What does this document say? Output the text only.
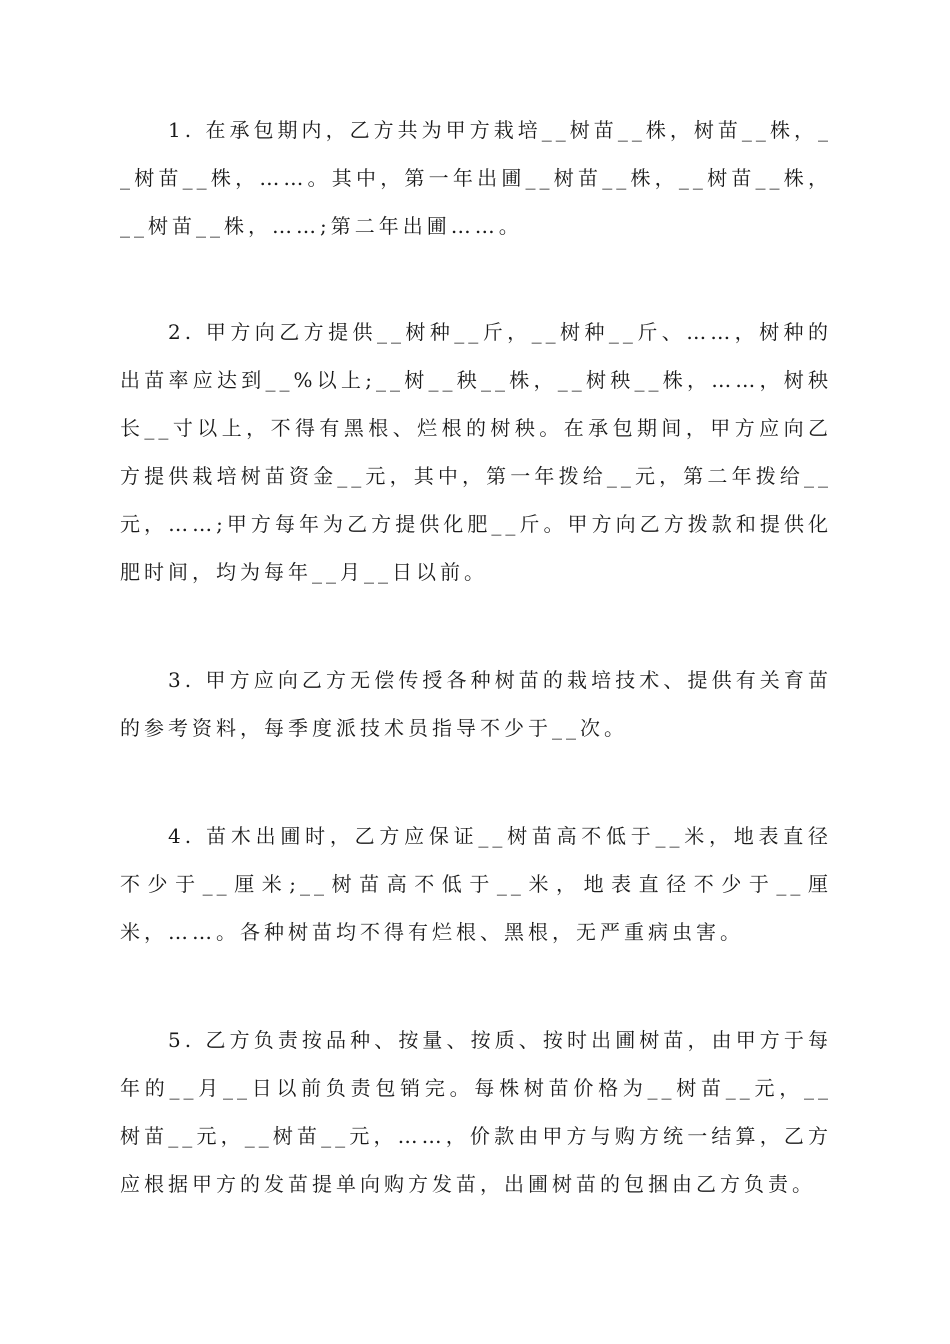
1. 在承包期内，乙方共为甲方栽培__树苗__株，树苗__株，__树苗__株，……。其中，第一年出圃__树苗__株，__树苗__株，__树苗__株，……;第二年出圃……。

2. 甲方向乙方提供__树种__斤，__树种__斤、……，树种的出苗率应达到__%以上;__树__秧__株，__树秧__株，……，树秧长__寸以上，不得有黑根、烂根的树秧。在承包期间，甲方应向乙方提供栽培树苗资金__元，其中，第一年拨给__元，第二年拨给__元，……;甲方每年为乙方提供化肥__斤。甲方向乙方拨款和提供化肥时间，均为每年__月__日以前。

3. 甲方应向乙方无偿传授各种树苗的栽培技术、提供有关育苗的参考资料，每季度派技术员指导不少于__次。

4. 苗木出圃时，乙方应保证__树苗高不低于__米，地表直径不少于__厘米;__树苗高不低于__米，地表直径不少于__厘米，……。各种树苗均不得有烂根、黑根，无严重病虫害。

5. 乙方负责按品种、按量、按质、按时出圃树苗，由甲方于每年的__月__日以前负责包销完。每株树苗价格为__树苗__元，__树苗__元，__树苗__元，……，价款由甲方与购方统一结算，乙方应根据甲方的发苗提单向购方发苗，出圃树苗的包捆由乙方负责。
